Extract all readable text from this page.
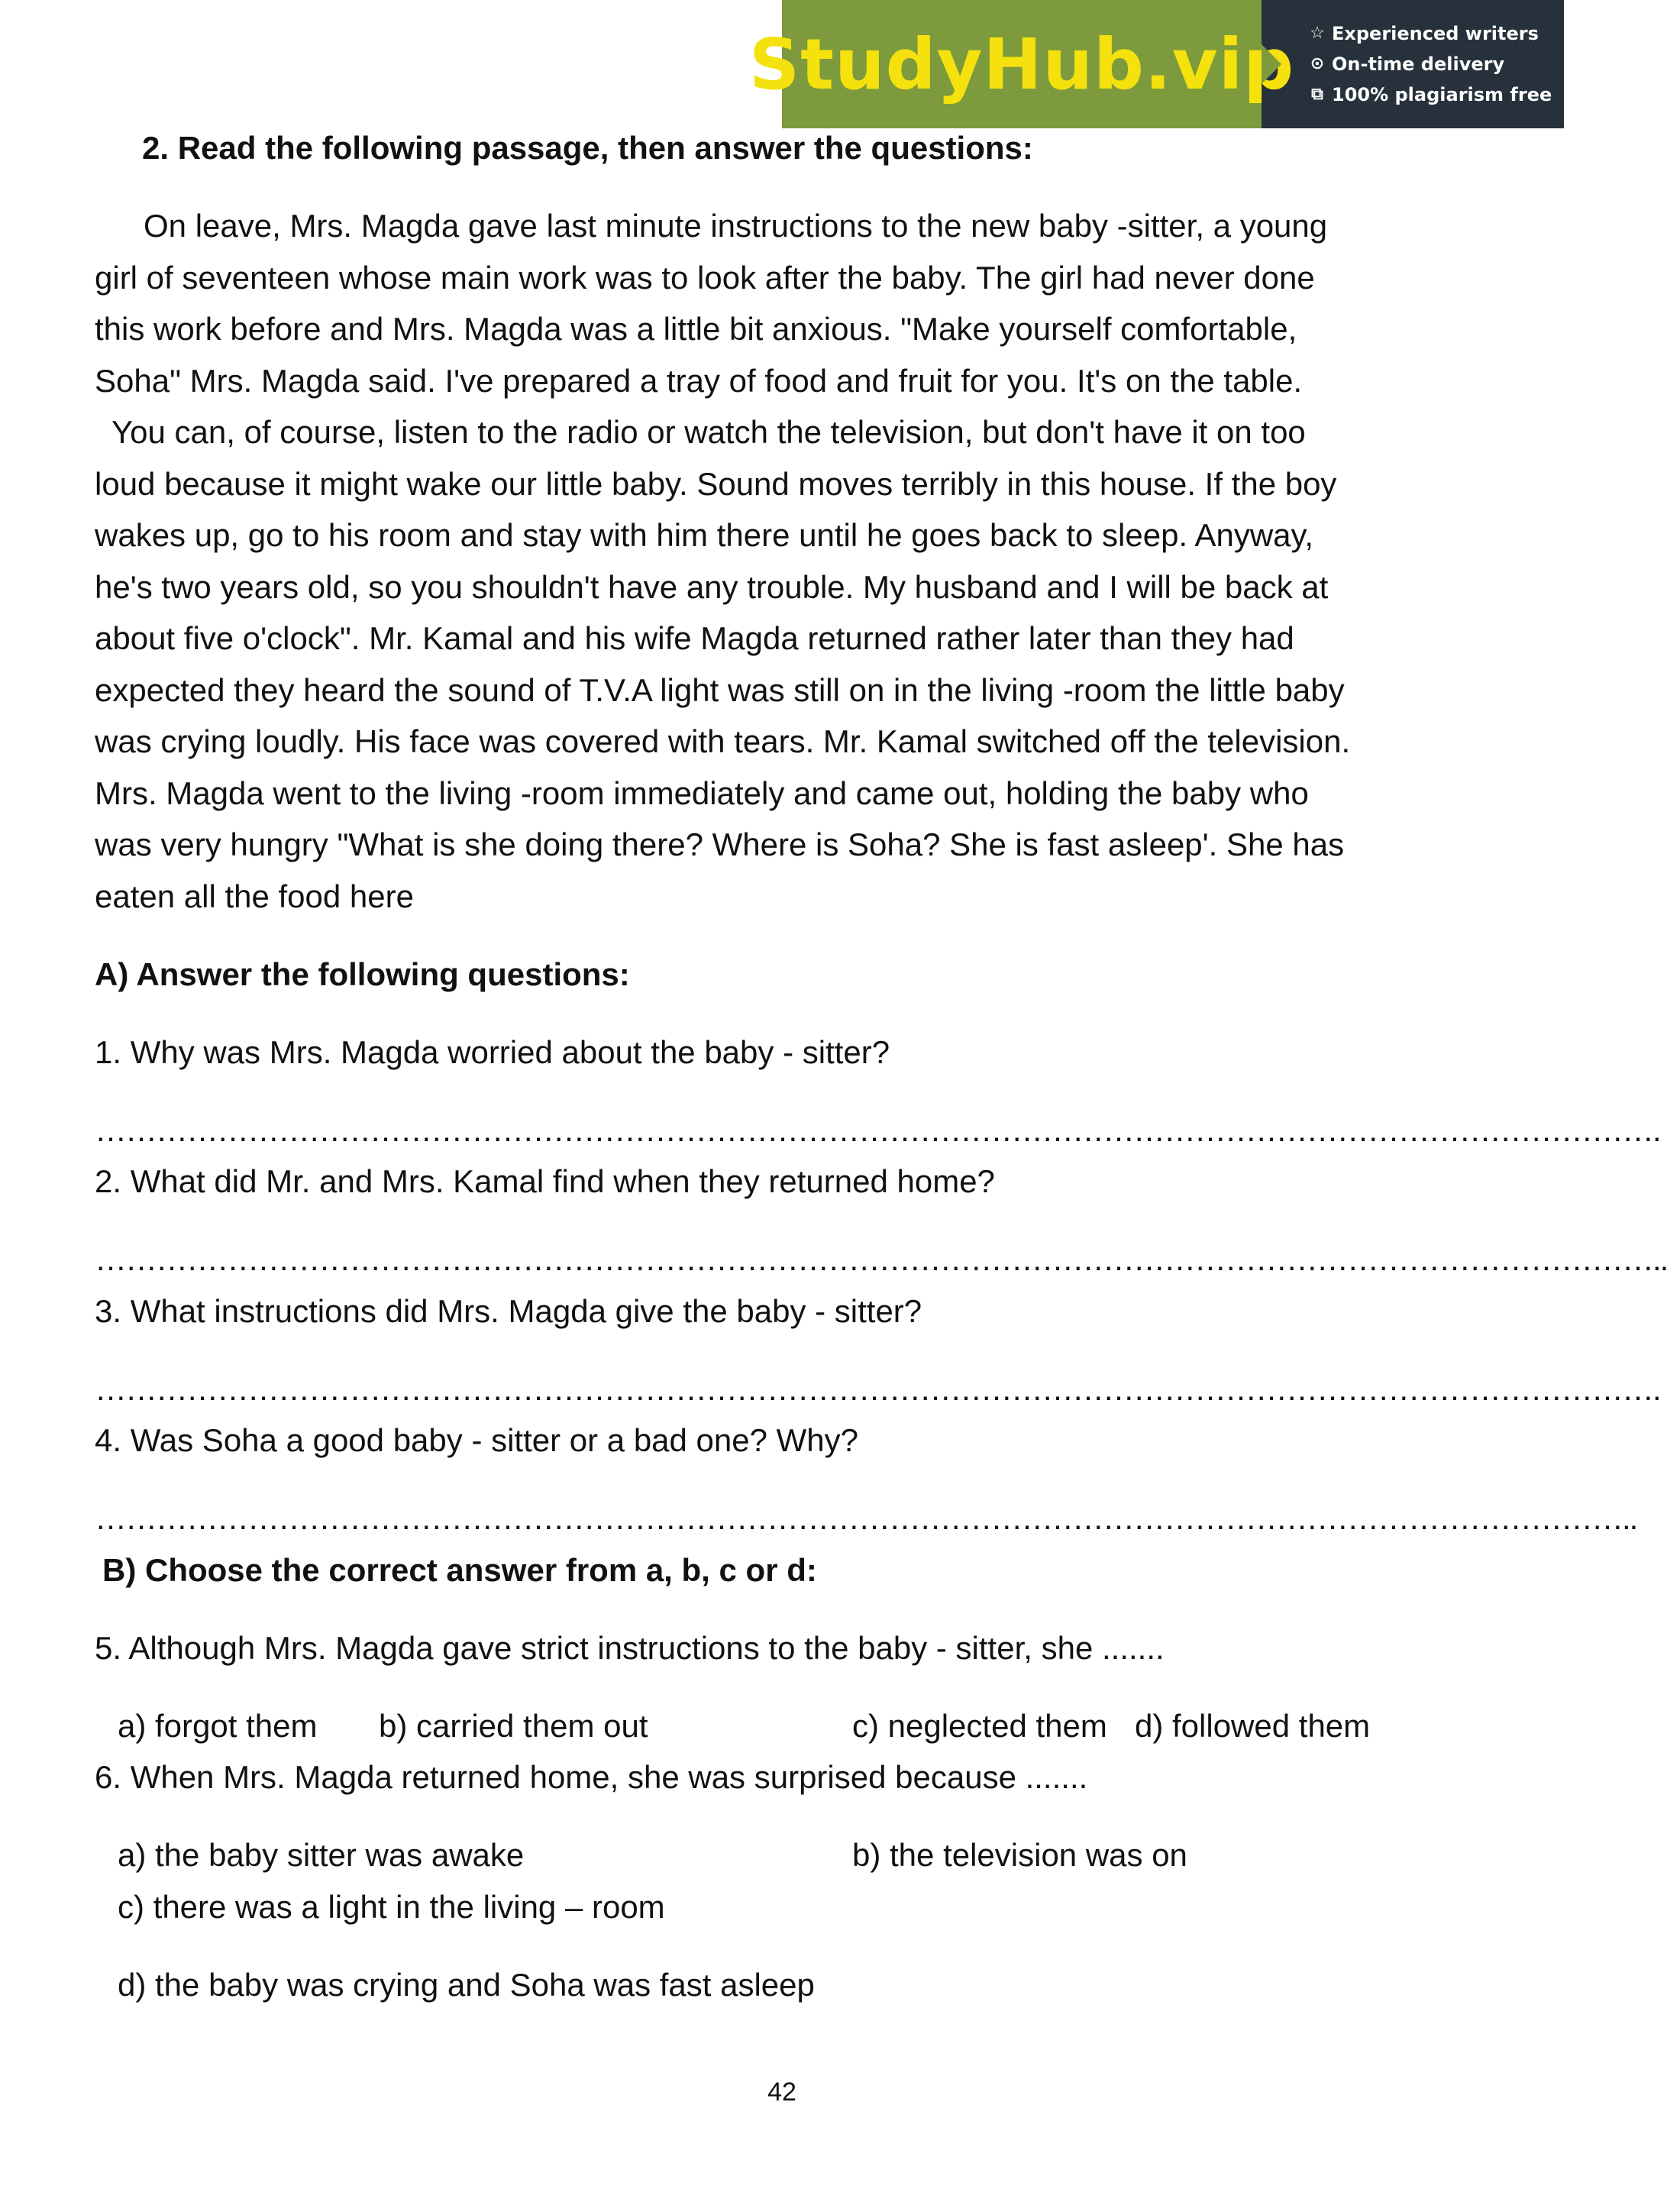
StudyHub.vip ☆ Experienced writers
⊙ On-time delivery
⧉ 100% plagiarism free
2. Read the following passage, then answer the questions:
On leave, Mrs. Magda gave last minute instructions to the new baby -sitter, a young
girl of seventeen whose main work was to look after the baby. The girl had never done
this work before and Mrs. Magda was a little bit anxious. "Make yourself comfortable,
Soha" Mrs. Magda said. I've prepared a tray of food and fruit for you. It's on the table.
You can, of course, listen to the radio or watch the television, but don't have it on too
loud because it might wake our little baby. Sound moves terribly in this house. If the boy
wakes up, go to his room and stay with him there until he goes back to sleep. Anyway,
he's two years old, so you shouldn't have any trouble. My husband and I will be back at
about five o'clock". Mr. Kamal and his wife Magda returned rather later than they had
expected they heard the sound of T.V.A light was still on in the living -room the little baby
was crying loudly. His face was covered with tears. Mr. Kamal switched off the television.
Mrs. Magda went to the living -room immediately and came out, holding the baby who
was very hungry "What is she doing there? Where is Soha? She is fast asleep'. She has
eaten all the food here
A) Answer the following questions:
1. Why was Mrs. Magda worried about the baby - sitter?
……………………………………………………………………………………………………………………………………….
2. What did Mr. and Mrs. Kamal find when they returned home?
………………………………………………………………………………………………………………………………………..
3. What instructions did Mrs. Magda give the baby - sitter?
……………………………………………………………………………………………………………………………………….
4. Was Soha a good baby - sitter or a bad one? Why?
……………………………………………………………………………………………………………………………………..
B) Choose the correct answer from a, b, c or d:
5. Although Mrs. Magda gave strict instructions to the baby - sitter, she .......
a) forgot them b) carried them out	c) neglected them d) followed them
6. When Mrs. Magda returned home, she was surprised because .......
a) the baby sitter was awake	b) the television was on
c) there was a light in the living – room
d) the baby was crying and Soha was fast asleep
42
